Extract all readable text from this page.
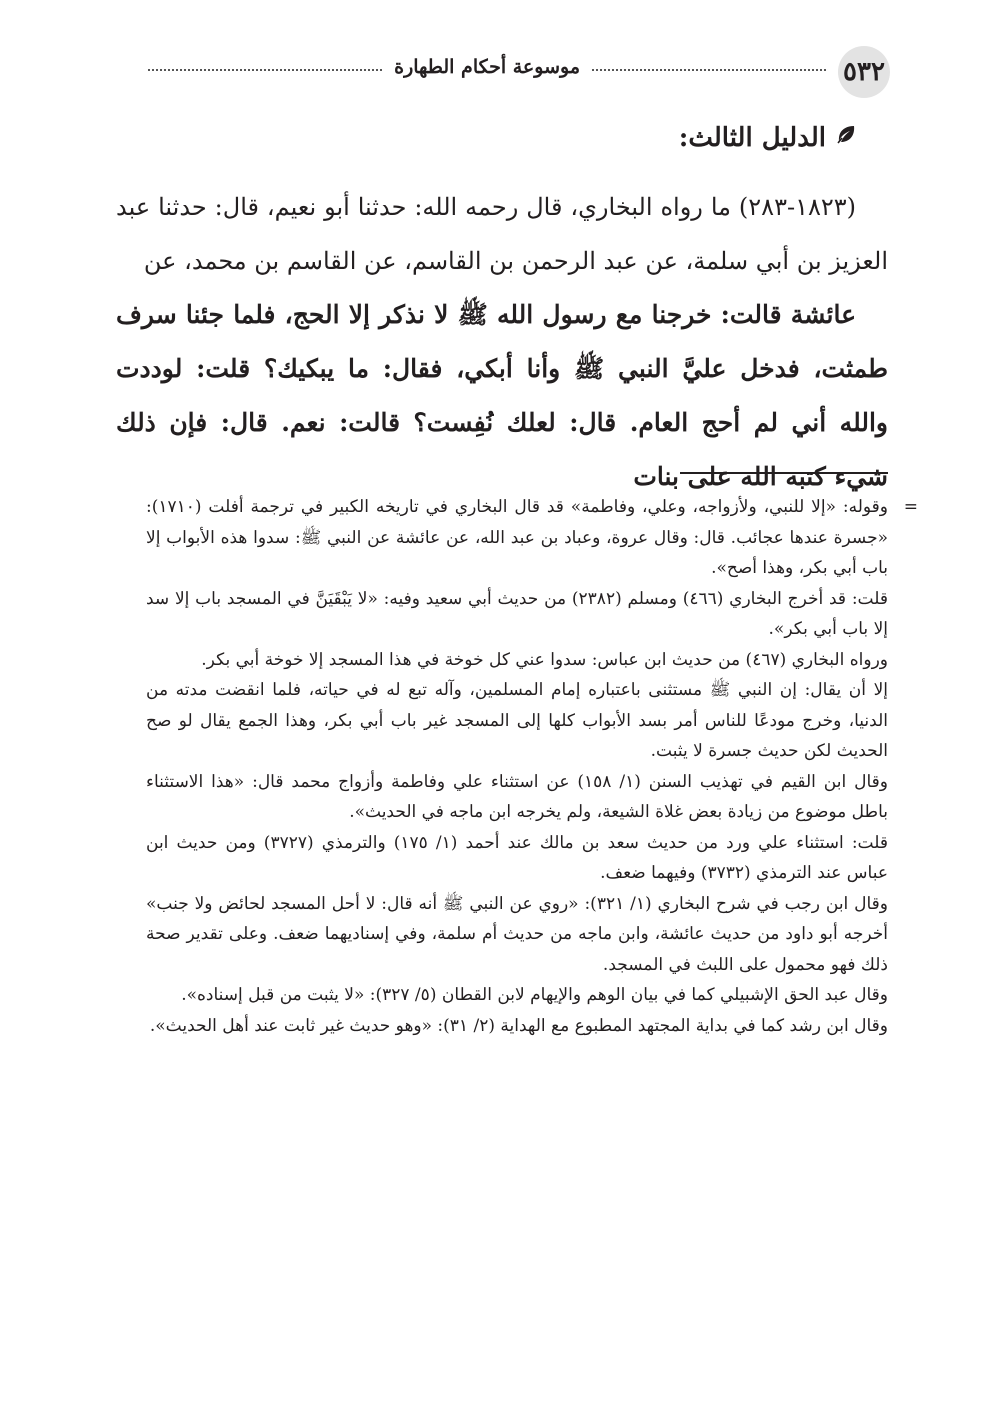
٥٣٢
موسوعة أحكام الطهارة
الدليل الثالث:

(١٨٢٣-٢٨٣) ما رواه البخاري، قال رحمه الله: حدثنا أبو نعيم، قال: حدثنا عبد العزيز بن أبي سلمة، عن عبد الرحمن بن القاسم، عن القاسم بن محمد، عن

عائشة قالت: خرجنا مع رسول الله ﷺ لا نذكر إلا الحج، فلما جئنا سرف طمثت، فدخل عليَّ النبي ﷺ وأنا أبكي، فقال: ما يبكيك؟ قلت: لوددت والله أني لم أحج العام. قال: لعلك نُفِست؟ قالت: نعم. قال: فإن ذلك شيء كتبه الله على بنات

=

وقوله: «إلا للنبي، ولأزواجه، وعلي، وفاطمة» قد قال البخاري في تاريخه الكبير في ترجمة أفلت (١٧١٠): «جسرة عندها عجائب. قال: وقال عروة، وعباد بن عبد الله، عن عائشة عن النبي ﷺ: سدوا هذه الأبواب إلا باب أبي بكر، وهذا أصح».

قلت: قد أخرج البخاري (٤٦٦) ومسلم (٢٣٨٢) من حديث أبي سعيد وفيه: «لا يَبْقَيَنَّ في المسجد باب إلا سد إلا باب أبي بكر».

ورواه البخاري (٤٦٧) من حديث ابن عباس: سدوا عني كل خوخة في هذا المسجد إلا خوخة أبي بكر.

إلا أن يقال: إن النبي ﷺ مستثنى باعتباره إمام المسلمين، وآله تبع له في حياته، فلما انقضت مدته من الدنيا، وخرج مودعًا للناس أمر بسد الأبواب كلها إلى المسجد غير باب أبي بكر، وهذا الجمع يقال لو صح الحديث لكن حديث جسرة لا يثبت.

وقال ابن القيم في تهذيب السنن (١/ ١٥٨) عن استثناء علي وفاطمة وأزواج محمد قال: «هذا الاستثناء باطل موضوع من زيادة بعض غلاة الشيعة، ولم يخرجه ابن ماجه في الحديث».

قلت: استثناء علي ورد من حديث سعد بن مالك عند أحمد (١/ ١٧٥) والترمذي (٣٧٢٧) ومن حديث ابن عباس عند الترمذي (٣٧٣٢) وفيهما ضعف.

وقال ابن رجب في شرح البخاري (١/ ٣٢١): «روي عن النبي ﷺ أنه قال: لا أحل المسجد لحائض ولا جنب» أخرجه أبو داود من حديث عائشة، وابن ماجه من حديث أم سلمة، وفي إسناديهما ضعف. وعلى تقدير صحة ذلك فهو محمول على اللبث في المسجد.

وقال عبد الحق الإشبيلي كما في بيان الوهم والإيهام لابن القطان (٥/ ٣٢٧): «لا يثبت من قبل إسناده».

وقال ابن رشد كما في بداية المجتهد المطبوع مع الهداية (٢/ ٣١): «وهو حديث غير ثابت عند أهل الحديث».
